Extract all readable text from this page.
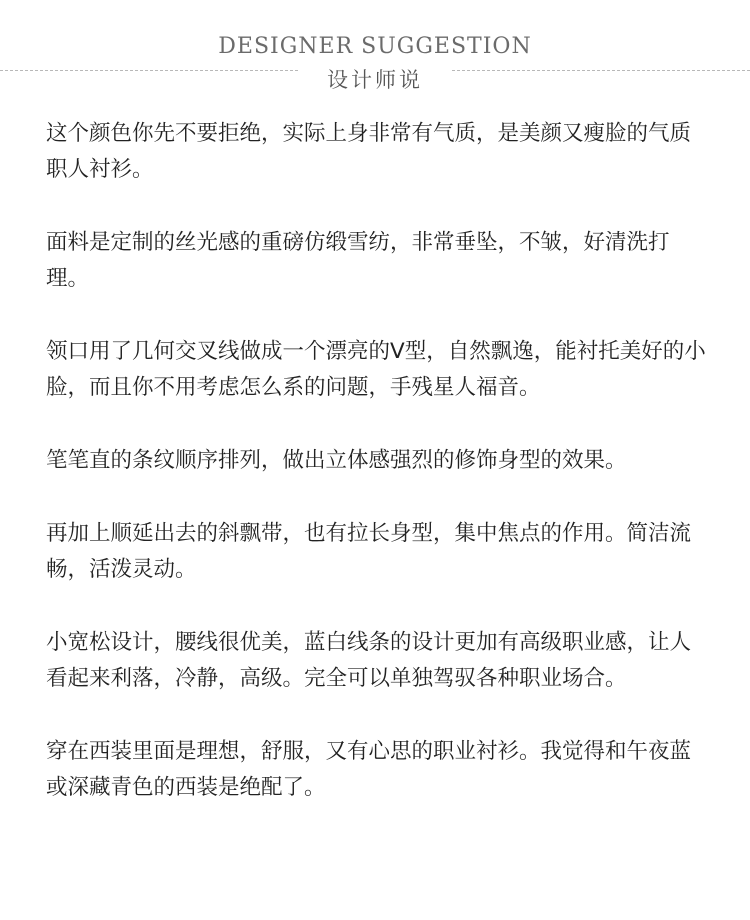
DESIGNER SUGGESTION
设计师说

这个颜色你先不要拒绝，实际上身非常有气质，是美颜又瘦脸的气质职人衬衫。

面料是定制的丝光感的重磅仿缎雪纺，非常垂坠，不皱，好清洗打理。

领口用了几何交叉线做成一个漂亮的V型，自然飘逸，能衬托美好的小脸，而且你不用考虑怎么系的问题，手残星人福音。

笔笔直的条纹顺序排列，做出立体感强烈的修饰身型的效果。

再加上顺延出去的斜飘带，也有拉长身型，集中焦点的作用。简洁流畅，活泼灵动。

小宽松设计，腰线很优美，蓝白线条的设计更加有高级职业感，让人看起来利落，冷静，高级。完全可以单独驾驭各种职业场合。

穿在西装里面是理想，舒服，又有心思的职业衬衫。我觉得和午夜蓝或深藏青色的西装是绝配了。
